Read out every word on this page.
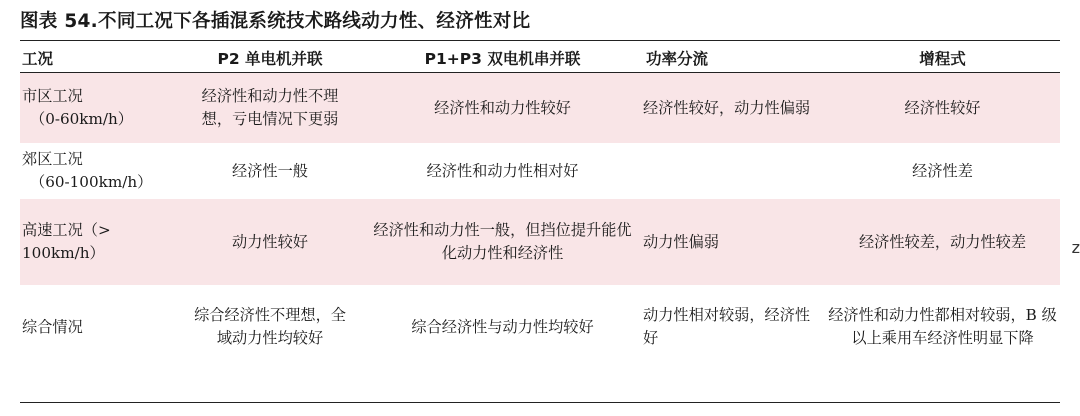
图表 54.不同工况下各插混系统技术路线动力性、经济性对比
工况	P2 单电机并联	P1+P3 双电机串并联	功率分流	增程式
市区工况
（0-60km/h）	经济性和动力性不理想，亏电情况下更弱	经济性和动力性较好	经济性较好，动力性偏弱	经济性较好
郊区工况
（60-100km/h）	经济性一般	经济性和动力性相对好		经济性差
高速工况（>
100km/h）	动力性较好	经济性和动力性一般，但挡位提升能优化动力性和经济性	动力性偏弱	经济性较差，动力性较差
综合情况	综合经济性不理想，全域动力性均较好	综合经济性与动力性均较好	动力性相对较弱，经济性好	经济性和动力性都相对较弱，B 级以上乘用车经济性明显下降
z
